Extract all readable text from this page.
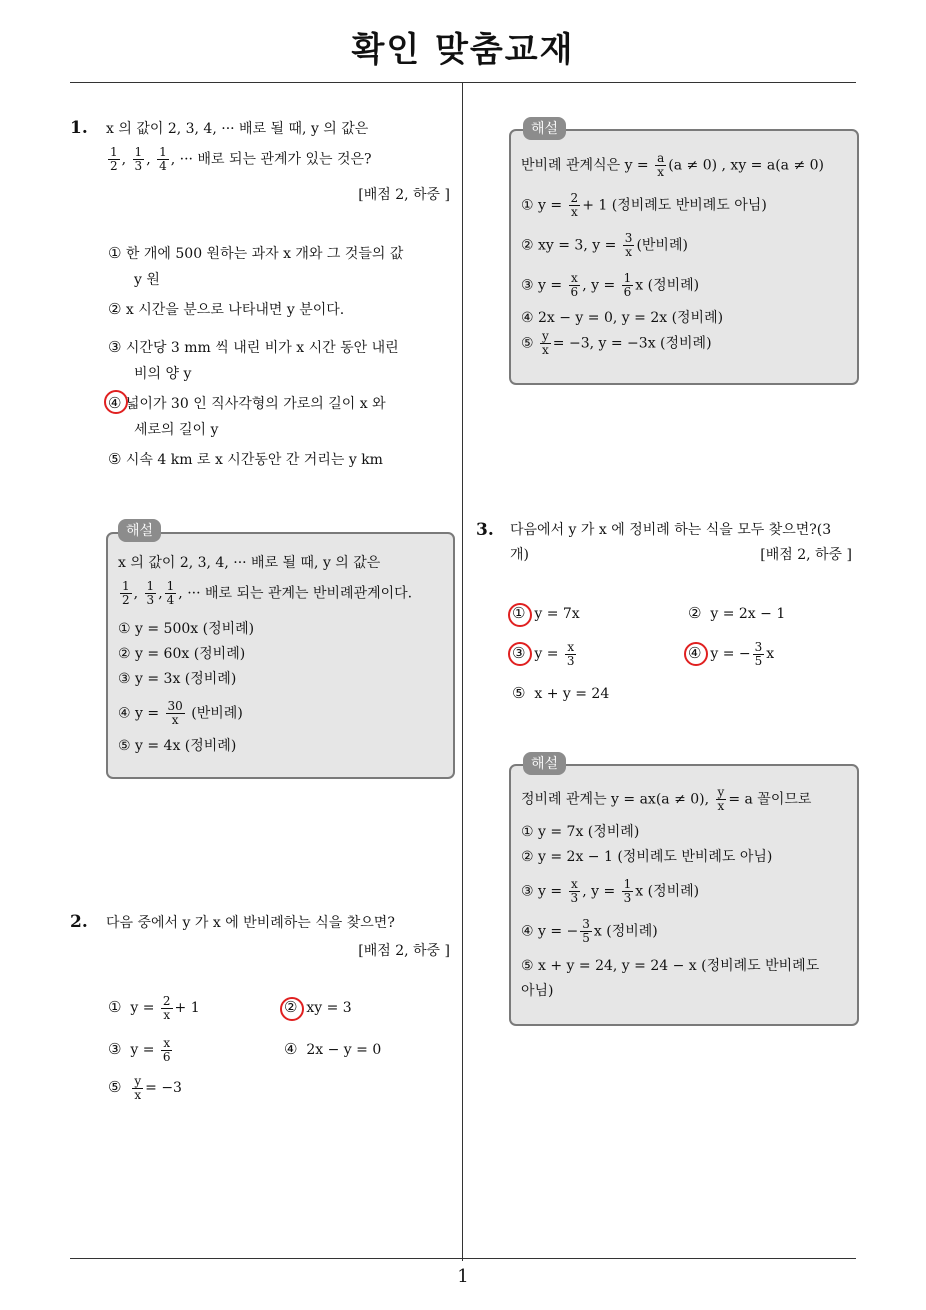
확인 맞춤교재
1
1. x 의 값이 2, 3, 4, ··· 배로 될 때, y 의 값은
$\frac{1}{2}$ , $\frac{1}{3}$ , $\frac{1}{4}$ , ··· 배로 되는 관계가 있는 것은?
[배점 2, 하중 ]
① 한 개에 500 원하는 과자 x 개와 그 것들의 값
y 원
② x 시간을 분으로 나타내면 y 분이다.
③ 시간당 3 mm 씩 내린 비가 x 시간 동안 내린
비의 양 y
④ 넓이가 30 인 직사각형의 가로의 길이 x 와
세로의 길이 y
⑤ 시속 4 km 로 x 시간동안 간 거리는 y km
해설
x 의 값이 2, 3, 4, ··· 배로 될 때, y 의 값은
$\frac{1}{2}$ , $\frac{1}{3}$ , $\frac{1}{4}$ , ··· 배로 되는 관계는 반비례관계이다.
① y = 500x (정비례)
② y = 60x (정비례)
③ y = 3x (정비례)
④ $y = \frac{30}{x}$ (반비례)
⑤ y = 4x (정비례)
2. 다음 중에서 y 가 x 에 반비례하는 식을 찾으면?
[배점 2, 하중 ]
① $y = \frac{2}{x} + 1$	② xy = 3
③ $y = \frac{x}{6}$	④ 2x − y = 0
⑤ $\frac{y}{x} = -3$
해설
반비례 관계식은 $y = \frac{a}{x} (a \ne 0)$ , xy = a(a ≠ 0)
① $y = \frac{2}{x} + 1$ (정비례도 반비례도 아님)
② xy = 3, $y = \frac{3}{x}$ (반비례)
③ $y = \frac{x}{6}$ , $y = \frac{1}{6}$ x (정비례)
④ 2x − y = 0, y = 2x (정비례)
⑤ $\frac{y}{x} = -3$, y = −3x (정비례)
3. 다음에서 y 가 x 에 정비례 하는 식을 모두 찾으면?(3
개)	[배점 2, 하중 ]
① y = 7x	② y = 2x − 1
③ $y = \frac{x}{3}$	④ y = − $\frac{3}{5}$ x
⑤ x + y = 24
해설
정비례 관계는 y = ax(a ≠ 0), $\frac{y}{x} = a$ 꼴이므로
① y = 7x (정비례)
② y = 2x − 1 (정비례도 반비례도 아님)
③ $y = \frac{x}{3}$ , $y = \frac{1}{3}$ x (정비례)
④ y = − $\frac{3}{5}$ x (정비례)
⑤ x + y = 24, y = 24 − x (정비례도 반비례도
아님)
